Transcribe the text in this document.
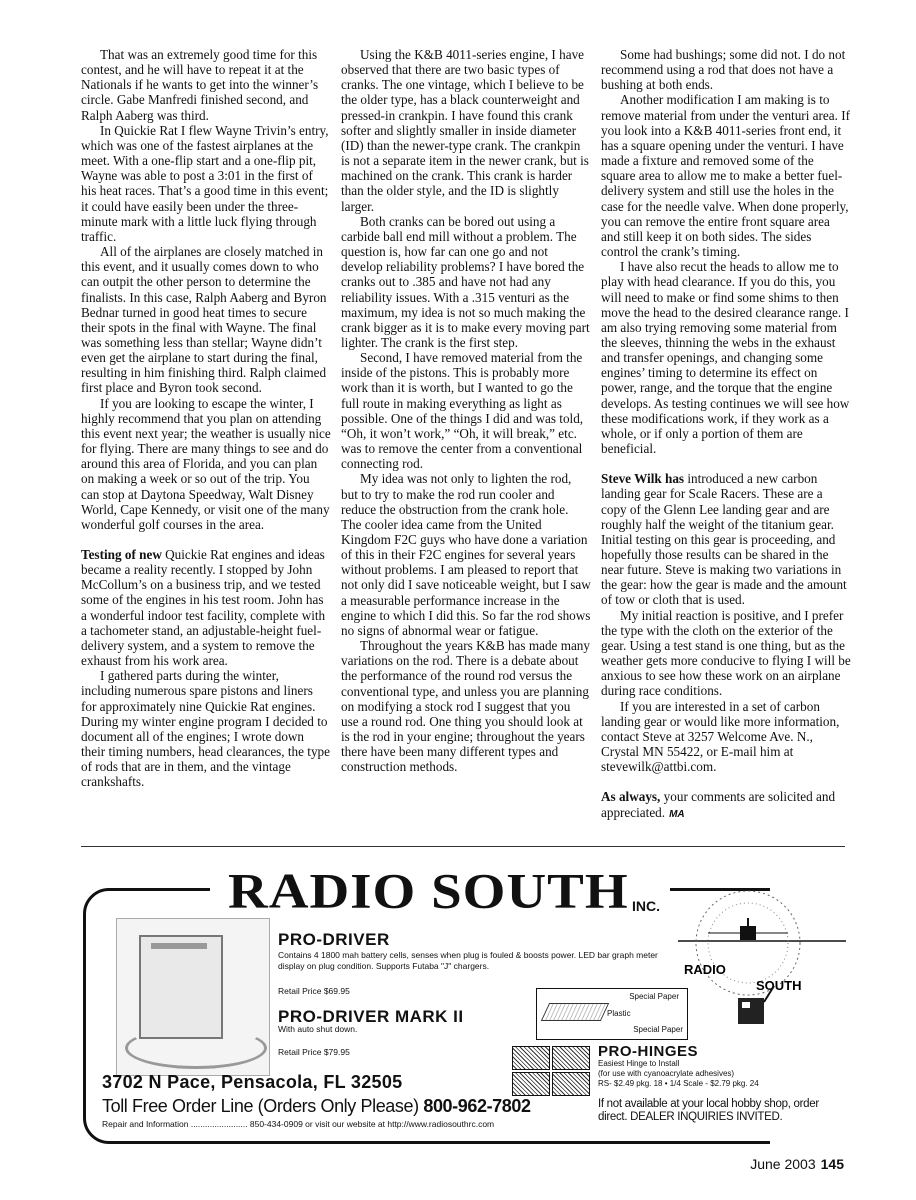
That was an extremely good time for this contest, and he will have to repeat it at the Nationals if he wants to get into the winner’s circle. Gabe Manfredi finished second, and Ralph Aaberg was third.

In Quickie Rat I flew Wayne Trivin’s entry, which was one of the fastest airplanes at the meet. With a one-flip start and a one-flip pit, Wayne was able to post a 3:01 in the first of his heat races. That’s a good time in this event; it could have easily been under the three-minute mark with a little luck flying through traffic.

All of the airplanes are closely matched in this event, and it usually comes down to who can outpit the other person to determine the finalists. In this case, Ralph Aaberg and Byron Bednar turned in good heat times to secure their spots in the final with Wayne. The final was something less than stellar; Wayne didn’t even get the airplane to start during the final, resulting in him finishing third. Ralph claimed first place and Byron took second.

If you are looking to escape the winter, I highly recommend that you plan on attending this event next year; the weather is usually nice for flying. There are many things to see and do around this area of Florida, and you can plan on making a week or so out of the trip. You can stop at Daytona Speedway, Walt Disney World, Cape Kennedy, or visit one of the many wonderful golf courses in the area.

Testing of new Quickie Rat engines and ideas became a reality recently. I stopped by John McCollum’s on a business trip, and we tested some of the engines in his test room. John has a wonderful indoor test facility, complete with a tachometer stand, an adjustable-height fuel-delivery system, and a system to remove the exhaust from his work area.

I gathered parts during the winter, including numerous spare pistons and liners for approximately nine Quickie Rat engines. During my winter engine program I decided to document all of the engines; I wrote down their timing numbers, head clearances, the type of rods that are in them, and the vintage crankshafts.

Using the K&B 4011-series engine, I have observed that there are two basic types of cranks. The one vintage, which I believe to be the older type, has a black counterweight and pressed-in crankpin. I have found this crank softer and slightly smaller in inside diameter (ID) than the newer-type crank. The crankpin is not a separate item in the newer crank, but is machined on the crank. This crank is harder than the older style, and the ID is slightly larger.

Both cranks can be bored out using a carbide ball end mill without a problem. The question is, how far can one go and not develop reliability problems? I have bored the cranks out to .385 and have not had any reliability issues. With a .315 venturi as the maximum, my idea is not so much making the crank bigger as it is to make every moving part lighter. The crank is the first step.

Second, I have removed material from the inside of the pistons. This is probably more work than it is worth, but I wanted to go the full route in making everything as light as possible. One of the things I did and was told, “Oh, it won’t work,” “Oh, it will break,” etc. was to remove the center from a conventional connecting rod.

My idea was not only to lighten the rod, but to try to make the rod run cooler and reduce the obstruction from the crank hole. The cooler idea came from the United Kingdom F2C guys who have done a variation of this in their F2C engines for several years without problems. I am pleased to report that not only did I save noticeable weight, but I saw a measurable performance increase in the engine to which I did this. So far the rod shows no signs of abnormal wear or fatigue.

Throughout the years K&B has made many variations on the rod. There is a debate about the performance of the round rod versus the conventional type, and unless you are planning on modifying a stock rod I suggest that you use a round rod. One thing you should look at is the rod in your engine; throughout the years there have been many different types and construction methods.

Some had bushings; some did not. I do not recommend using a rod that does not have a bushing at both ends.

Another modification I am making is to remove material from under the venturi area. If you look into a K&B 4011-series front end, it has a square opening under the venturi. I have made a fixture and removed some of the square area to allow me to make a better fuel-delivery system and still use the holes in the case for the needle valve. When done properly, you can remove the entire front square area and still keep it on both sides. The sides control the crank’s timing.

I have also recut the heads to allow me to play with head clearance. If you do this, you will need to make or find some shims to then move the head to the desired clearance range. I am also trying removing some material from the sleeves, thinning the webs in the exhaust and transfer openings, and changing some engines’ timing to determine its effect on power, range, and the torque that the engine develops. As testing continues we will see how these modifications work, if they work as a whole, or if only a portion of them are beneficial.

Steve Wilk has introduced a new carbon landing gear for Scale Racers. These are a copy of the Glenn Lee landing gear and are roughly half the weight of the titanium gear. Initial testing on this gear is proceeding, and hopefully those results can be shared in the near future. Steve is making two variations in the gear: how the gear is made and the amount of tow or cloth that is used.

My initial reaction is positive, and I prefer the type with the cloth on the exterior of the gear. Using a test stand is one thing, but as the weather gets more conducive to flying I will be anxious to see how these work on an airplane during race conditions.

If you are interested in a set of carbon landing gear or would like more information, contact Steve at 3257 Welcome Ave. N., Crystal MN 55422, or E-mail him at stevewilk@attbi.com.

As always, your comments are solicited and appreciated. MA

RADIO SOUTH INC.
RADIO
SOUTH
PRO-DRIVER
Contains 4 1800 mah battery cells, senses when plug is fouled & boosts power. LED bar graph meter display on plug condition. Supports Futaba "J" chargers.
Retail Price $69.95
PRO-DRIVER MARK II
With auto shut down.
Retail Price $79.95
Special Paper
Plastic
Special Paper
PRO-HINGES
Easiest Hinge to Install
(for use with cyanoacrylate adhesives)
RS- $2.49 pkg. 18 • 1/4 Scale - $2.79 pkg. 24
If not available at your local hobby shop, order direct. DEALER INQUIRIES INVITED.
3702 N Pace, Pensacola, FL 32505
Toll Free Order Line (Orders Only Please) 800-962-7802
Repair and Information ........................ 850-434-0909 or visit our website at http://www.radiosouthrc.com
June 2003 145
